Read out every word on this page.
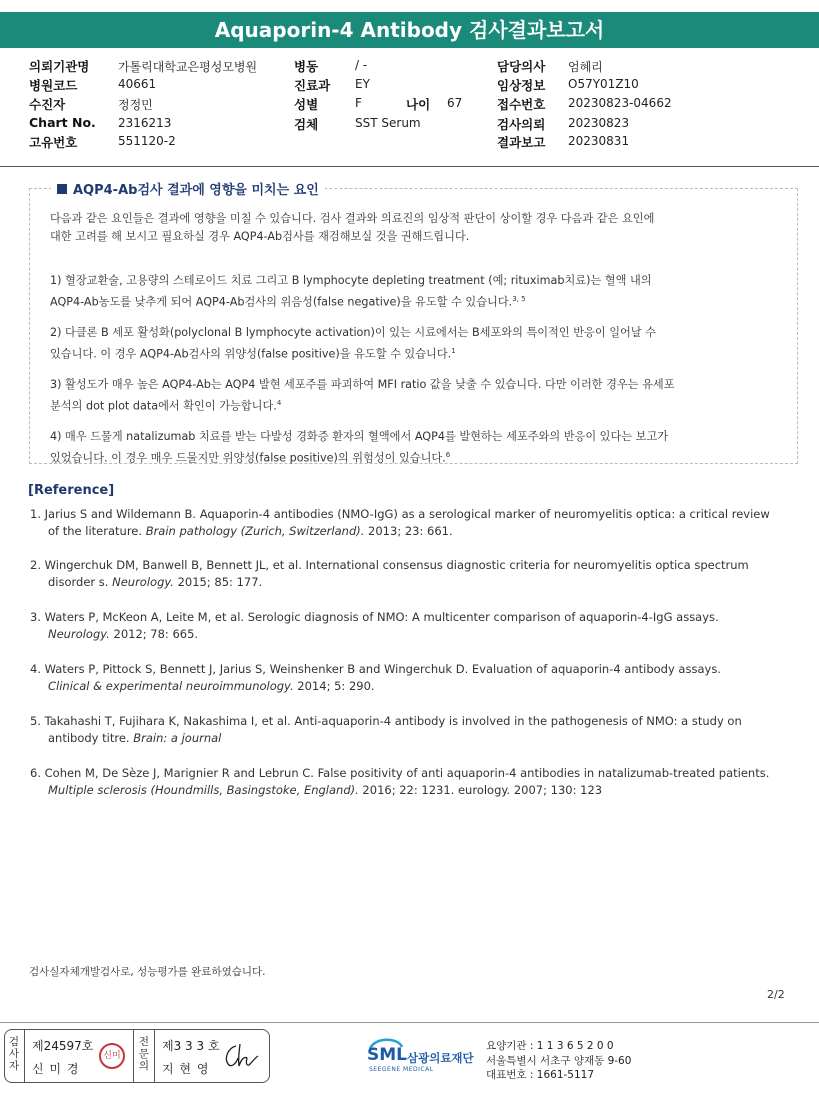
Aquaporin-4 Antibody 검사결과보고서
의뢰기관명 가톨릭대학교은평성모병원
병원코드	40661
수진자	정정민
Chart No. 2316213
고유번호	551120-2
병동	/ -
진료과 EY
성별	F
검체	SST Serum
나이 67
담당의사 엄혜리
임상정보 O57Y01Z10
접수번호 20230823-04662
검사의뢰 20230823
결과보고 20230831
AQP4-Ab검사 결과에 영향을 미치는 요인
다음과 같은 요인들은 결과에 영향을 미칠 수 있습니다. 검사 결과와 의료진의 임상적 판단이 상이할 경우 다음과 같은 요인에
대한 고려를 해 보시고 필요하실 경우 AQP4-Ab검사를 재검해보실 것을 권해드립니다.
1) 혈장교환술, 고용량의 스테로이드 치료 그리고 B lymphocyte depleting treatment (예; rituximab치료)는 혈액 내의
AQP4-Ab농도를 낮추게 되어 AQP4-Ab검사의 위음성(false negative)을 유도할 수 있습니다.$^{3, 5}$
2) 다클론 B 세포 활성화(polyclonal B lymphocyte activation)이 있는 시료에서는 B세포와의 특이적인 반응이 일어날 수
있습니다. 이 경우 AQP4-Ab검사의 위양성(false positive)을 유도할 수 있습니다.$^1$
3) 활성도가 매우 높은 AQP4-Ab는 AQP4 발현 세포주를 파괴하여 MFI ratio 값을 낮출 수 있습니다. 다만 이러한 경우는 유세포
분석의 dot plot data에서 확인이 가능합니다.$^4$
4) 매우 드물게 natalizumab 치료를 받는 다발성 경화증 환자의 혈액에서 AQP4를 발현하는 세포주와의 반응이 있다는 보고가
있었습니다. 이 경우 매우 드물지만 위양성(false positive)의 위험성이 있습니다.$^6$
[Reference]
1. Jarius S and Wildemann B. Aquaporin-4 antibodies (NMO-IgG) as a serological marker of neuromyelitis optica: a critical review
of the literature. Brain pathology (Zurich, Switzerland). 2013; 23: 661.
2. Wingerchuk DM, Banwell B, Bennett JL, et al. International consensus diagnostic criteria for neuromyelitis optica spectrum
disorder s. Neurology. 2015; 85: 177.
3. Waters P, McKeon A, Leite M, et al. Serologic diagnosis of NMO: A multicenter comparison of aquaporin-4-IgG assays.
Neurology. 2012; 78: 665.
4. Waters P, Pittock S, Bennett J, Jarius S, Weinshenker B and Wingerchuk D. Evaluation of aquaporin-4 antibody assays.
Clinical & experimental neuroimmunology. 2014; 5: 290.
5. Takahashi T, Fujihara K, Nakashima I, et al. Anti-aquaporin-4 antibody is involved in the pathogenesis of NMO: a study on
antibody titre. Brain: a journal
6. Cohen M, De Sèze J, Marignier R and Lebrun C. False positivity of anti aquaporin-4 antibodies in natalizumab-treated patients.
Multiple sclerosis (Houndmills, Basingstoke, England). 2016; 22: 1231. eurology. 2007; 130: 123
검사실자체개발검사로, 성능평가를 완료하였습니다.
2/2
검
사
자
전
문
의
제24597호
신 미 경
신미
제3 3 3 호
지 현 영
SML
SEEGENE MEDICAL
삼광의료재단
요양기관 : 1 1 3 6 5 2 0 0
서울특별시 서초구 양재동 9-60
대표번호 : 1661-5117
